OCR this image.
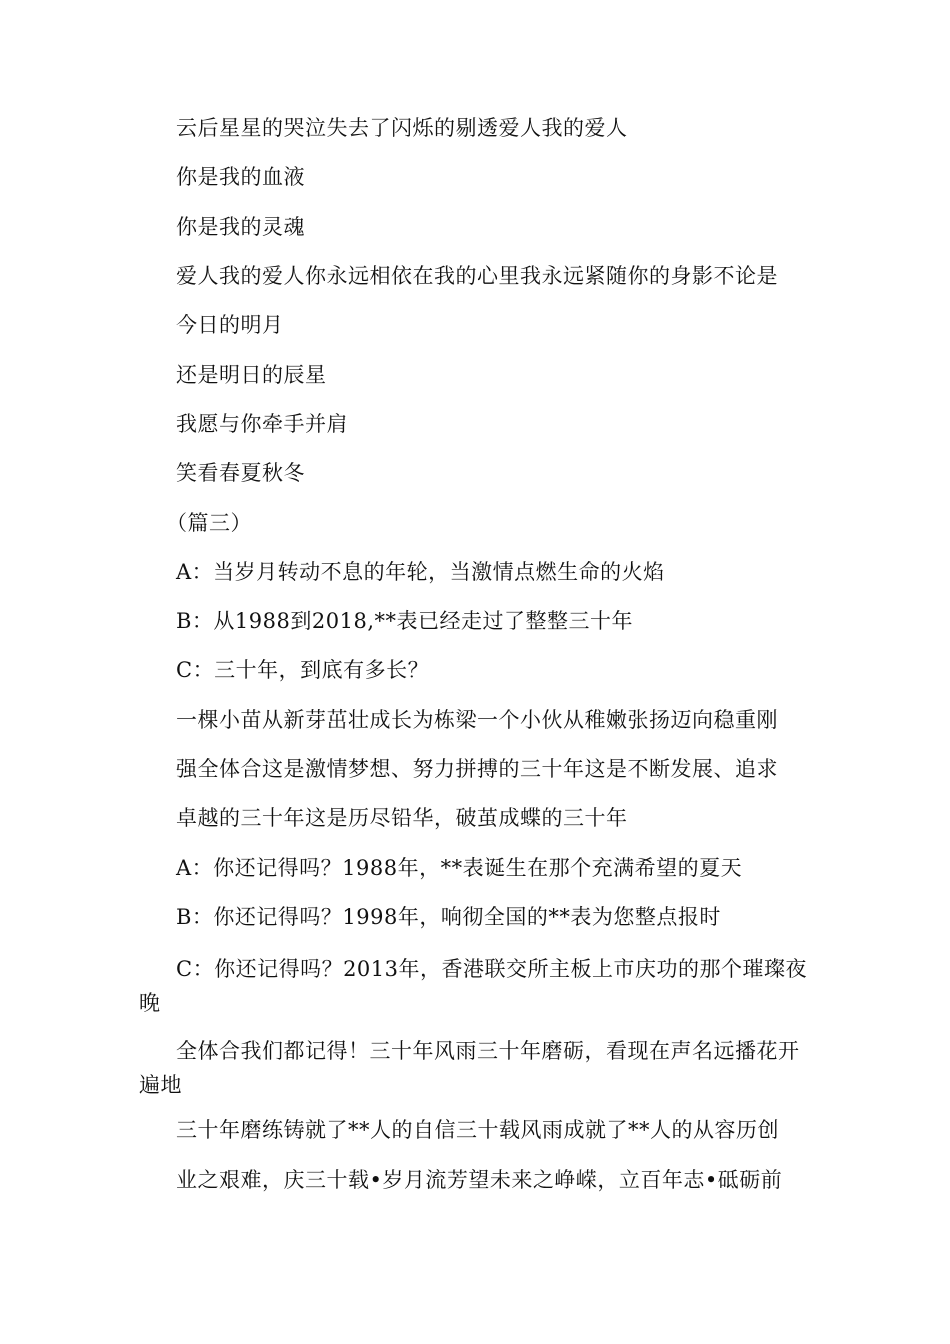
云后星星的哭泣失去了闪烁的剔透爱人我的爱人
你是我的血液
你是我的灵魂
爱人我的爱人你永远相依在我的心里我永远紧随你的身影不论是
今日的明月
还是明日的辰星
我愿与你牵手并肩
笑看春夏秋冬
（篇三）
A：当岁月转动不息的年轮，当激情点燃生命的火焰
B：从1988到2018,**表已经走过了整整三十年
C：三十年，到底有多长？
一棵小苗从新芽茁壮成长为栋梁一个小伙从稚嫩张扬迈向稳重刚
强全体合这是激情梦想、努力拼搏的三十年这是不断发展、追求
卓越的三十年这是历尽铅华，破茧成蝶的三十年
A：你还记得吗？1988年，**表诞生在那个充满希望的夏天
B：你还记得吗？1998年，响彻全国的**表为您整点报时
C：你还记得吗？2013年，香港联交所主板上市庆功的那个璀璨夜晚
全体合我们都记得！三十年风雨三十年磨砺，看现在声名远播花开遍地
三十年磨练铸就了**人的自信三十载风雨成就了**人的从容历创
业之艰难，庆三十载•岁月流芳望未来之峥嵘，立百年志•砥砺前
